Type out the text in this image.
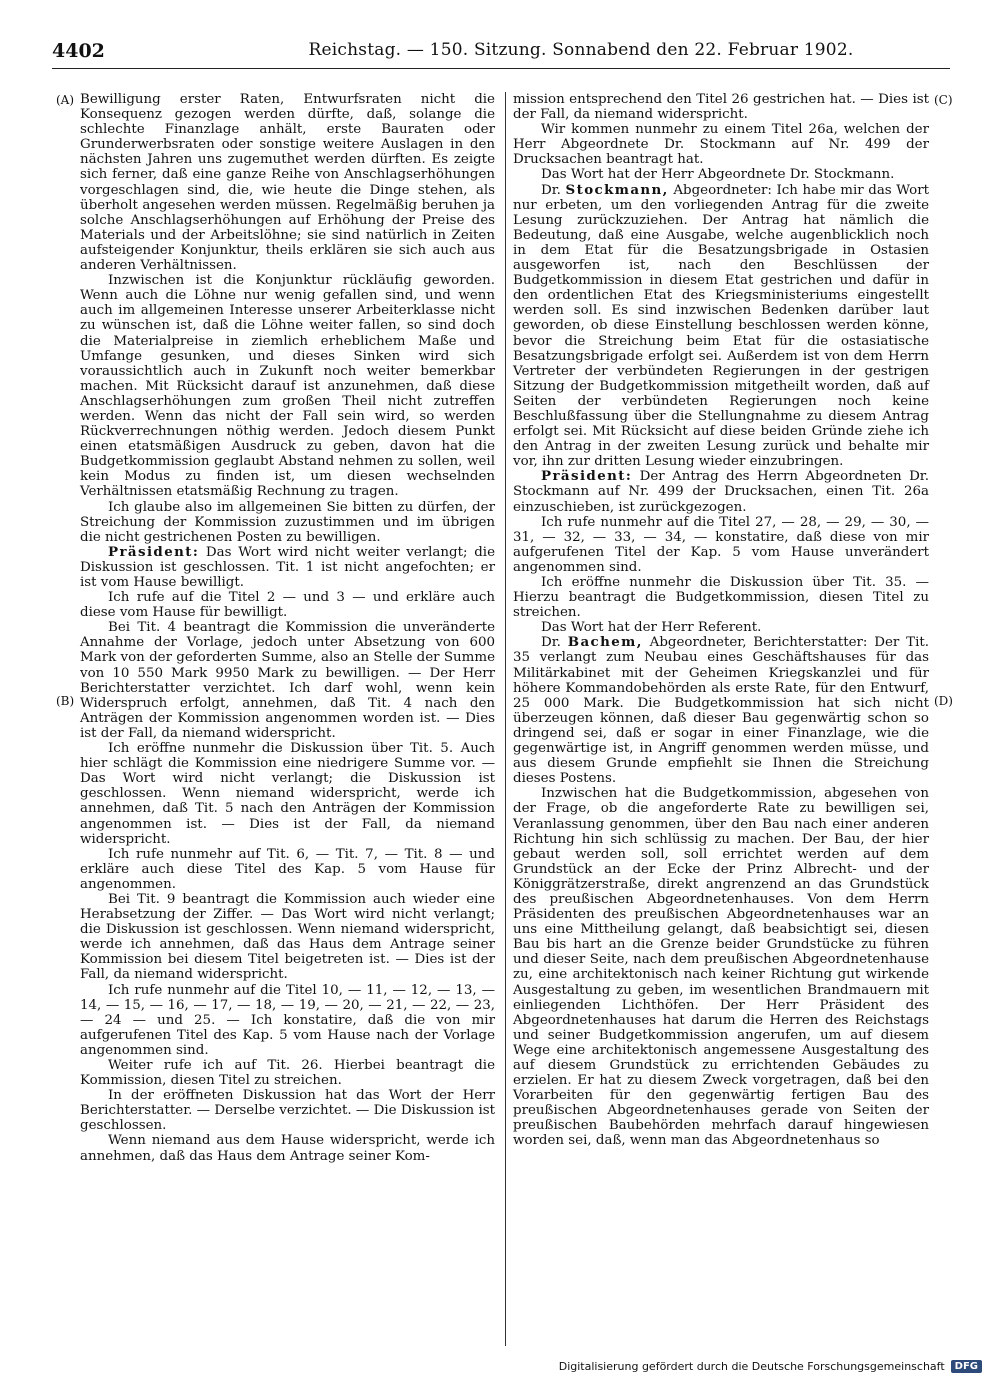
4402	Reichstag. — 150. Sitzung. Sonnabend den 22. Februar 1902.
(A)
(B)
(C)
(D)

Bewilligung erster Raten, Entwurfsraten nicht die Konsequenz gezogen werden dürfte, daß, solange die schlechte Finanzlage anhält, erste Bauraten oder Grunderwerbsraten oder sonstige weitere Auslagen in den nächsten Jahren uns zugemuthet werden dürften. Es zeigte sich ferner, daß eine ganze Reihe von Anschlagserhöhungen vorgeschlagen sind, die, wie heute die Dinge stehen, als überholt angesehen werden müssen. Regelmäßig beruhen ja solche Anschlagserhöhungen auf Erhöhung der Preise des Materials und der Arbeitslöhne; sie sind natürlich in Zeiten aufsteigender Konjunktur, theils erklären sie sich auch aus anderen Verhältnissen.

Inzwischen ist die Konjunktur rückläufig geworden. Wenn auch die Löhne nur wenig gefallen sind, und wenn auch im allgemeinen Interesse unserer Arbeiterklasse nicht zu wünschen ist, daß die Löhne weiter fallen, so sind doch die Materialpreise in ziemlich erheblichem Maße und Umfange gesunken, und dieses Sinken wird sich voraussichtlich auch in Zukunft noch weiter bemerkbar machen. Mit Rücksicht darauf ist anzunehmen, daß diese Anschlagserhöhungen zum großen Theil nicht zutreffen werden. Wenn das nicht der Fall sein wird, so werden Rückverrechnungen nöthig werden. Jedoch diesem Punkt einen etatsmäßigen Ausdruck zu geben, davon hat die Budgetkommission geglaubt Abstand nehmen zu sollen, weil kein Modus zu finden ist, um diesen wechselnden Verhältnissen etatsmäßig Rechnung zu tragen.

Ich glaube also im allgemeinen Sie bitten zu dürfen, der Streichung der Kommission zuzustimmen und im übrigen die nicht gestrichenen Posten zu bewilligen.

Präsident: Das Wort wird nicht weiter verlangt; die Diskussion ist geschlossen. Tit. 1 ist nicht angefochten; er ist vom Hause bewilligt.

Ich rufe auf die Titel 2 — und 3 — und erkläre auch diese vom Hause für bewilligt.

Bei Tit. 4 beantragt die Kommission die unveränderte Annahme der Vorlage, jedoch unter Absetzung von 600 Mark von der geforderten Summe, also an Stelle der Summe von 10 550 Mark 9950 Mark zu bewilligen. — Der Herr Berichterstatter verzichtet. Ich darf wohl, wenn kein Widerspruch erfolgt, annehmen, daß Tit. 4 nach den Anträgen der Kommission angenommen worden ist. — Dies ist der Fall, da niemand widerspricht.

Ich eröffne nunmehr die Diskussion über Tit. 5. Auch hier schlägt die Kommission eine niedrigere Summe vor. — Das Wort wird nicht verlangt; die Diskussion ist geschlossen. Wenn niemand widerspricht, werde ich annehmen, daß Tit. 5 nach den Anträgen der Kommission angenommen ist. — Dies ist der Fall, da niemand widerspricht.

Ich rufe nunmehr auf Tit. 6, — Tit. 7, — Tit. 8 — und erkläre auch diese Titel des Kap. 5 vom Hause für angenommen.

Bei Tit. 9 beantragt die Kommission auch wieder eine Herabsetzung der Ziffer. — Das Wort wird nicht verlangt; die Diskussion ist geschlossen. Wenn niemand widerspricht, werde ich annehmen, daß das Haus dem Antrage seiner Kommission bei diesem Titel beigetreten ist. — Dies ist der Fall, da niemand widerspricht.

Ich rufe nunmehr auf die Titel 10, — 11, — 12, — 13, — 14, — 15, — 16, — 17, — 18, — 19, — 20, — 21, — 22, — 23, — 24 — und 25. — Ich konstatire, daß die von mir aufgerufenen Titel des Kap. 5 vom Hause nach der Vorlage angenommen sind.

Weiter rufe ich auf Tit. 26. Hierbei beantragt die Kommission, diesen Titel zu streichen.

In der eröffneten Diskussion hat das Wort der Herr Berichterstatter. — Derselbe verzichtet. — Die Diskussion ist geschlossen.

Wenn niemand aus dem Hause widerspricht, werde ich annehmen, daß das Haus dem Antrage seiner Kom-

mission entsprechend den Titel 26 gestrichen hat. — Dies ist der Fall, da niemand widerspricht.

Wir kommen nunmehr zu einem Titel 26a, welchen der Herr Abgeordnete Dr. Stockmann auf Nr. 499 der Drucksachen beantragt hat.

Das Wort hat der Herr Abgeordnete Dr. Stockmann.

Dr. Stockmann, Abgeordneter: Ich habe mir das Wort nur erbeten, um den vorliegenden Antrag für die zweite Lesung zurückzuziehen. Der Antrag hat nämlich die Bedeutung, daß eine Ausgabe, welche augenblicklich noch in dem Etat für die Besatzungsbrigade in Ostasien ausgeworfen ist, nach den Beschlüssen der Budgetkommission in diesem Etat gestrichen und dafür in den ordentlichen Etat des Kriegsministeriums eingestellt werden soll. Es sind inzwischen Bedenken darüber laut geworden, ob diese Einstellung beschlossen werden könne, bevor die Streichung beim Etat für die ostasiatische Besatzungsbrigade erfolgt sei. Außerdem ist von dem Herrn Vertreter der verbündeten Regierungen in der gestrigen Sitzung der Budgetkommission mitgetheilt worden, daß auf Seiten der verbündeten Regierungen noch keine Beschlußfassung über die Stellungnahme zu diesem Antrag erfolgt sei. Mit Rücksicht auf diese beiden Gründe ziehe ich den Antrag in der zweiten Lesung zurück und behalte mir vor, ihn zur dritten Lesung wieder einzubringen.

Präsident: Der Antrag des Herrn Abgeordneten Dr. Stockmann auf Nr. 499 der Drucksachen, einen Tit. 26a einzuschieben, ist zurückgezogen.

Ich rufe nunmehr auf die Titel 27, — 28, — 29, — 30, — 31, — 32, — 33, — 34, — konstatire, daß diese von mir aufgerufenen Titel der Kap. 5 vom Hause unverändert angenommen sind.

Ich eröffne nunmehr die Diskussion über Tit. 35. — Hierzu beantragt die Budgetkommission, diesen Titel zu streichen.

Das Wort hat der Herr Referent.

Dr. Bachem, Abgeordneter, Berichterstatter: Der Tit. 35 verlangt zum Neubau eines Geschäftshauses für das Militärkabinet mit der Geheimen Kriegskanzlei und für höhere Kommandobehörden als erste Rate, für den Entwurf, 25 000 Mark. Die Budgetkommission hat sich nicht überzeugen können, daß dieser Bau gegenwärtig schon so dringend sei, daß er sogar in einer Finanzlage, wie die gegenwärtige ist, in Angriff genommen werden müsse, und aus diesem Grunde empfiehlt sie Ihnen die Streichung dieses Postens.

Inzwischen hat die Budgetkommission, abgesehen von der Frage, ob die angeforderte Rate zu bewilligen sei, Veranlassung genommen, über den Bau nach einer anderen Richtung hin sich schlüssig zu machen. Der Bau, der hier gebaut werden soll, soll errichtet werden auf dem Grundstück an der Ecke der Prinz Albrecht- und der Königgrätzerstraße, direkt angrenzend an das Grundstück des preußischen Abgeordnetenhauses. Von dem Herrn Präsidenten des preußischen Abgeordnetenhauses war an uns eine Mittheilung gelangt, daß beabsichtigt sei, diesen Bau bis hart an die Grenze beider Grundstücke zu führen und dieser Seite, nach dem preußischen Abgeordnetenhause zu, eine architektonisch nach keiner Richtung gut wirkende Ausgestaltung zu geben, im wesentlichen Brandmauern mit einliegenden Lichthöfen. Der Herr Präsident des Abgeordnetenhauses hat darum die Herren des Reichstags und seiner Budgetkommission angerufen, um auf diesem Wege eine architektonisch angemessene Ausgestaltung des auf diesem Grundstück zu errichtenden Gebäudes zu erzielen. Er hat zu diesem Zweck vorgetragen, daß bei den Vorarbeiten für den gegenwärtig fertigen Bau des preußischen Abgeordnetenhauses gerade von Seiten der preußischen Baubehörden mehrfach darauf hingewiesen worden sei, daß, wenn man das Abgeordnetenhaus so

Digitalisierung gefördert durch die Deutsche Forschungsgemeinschaft	DFG
